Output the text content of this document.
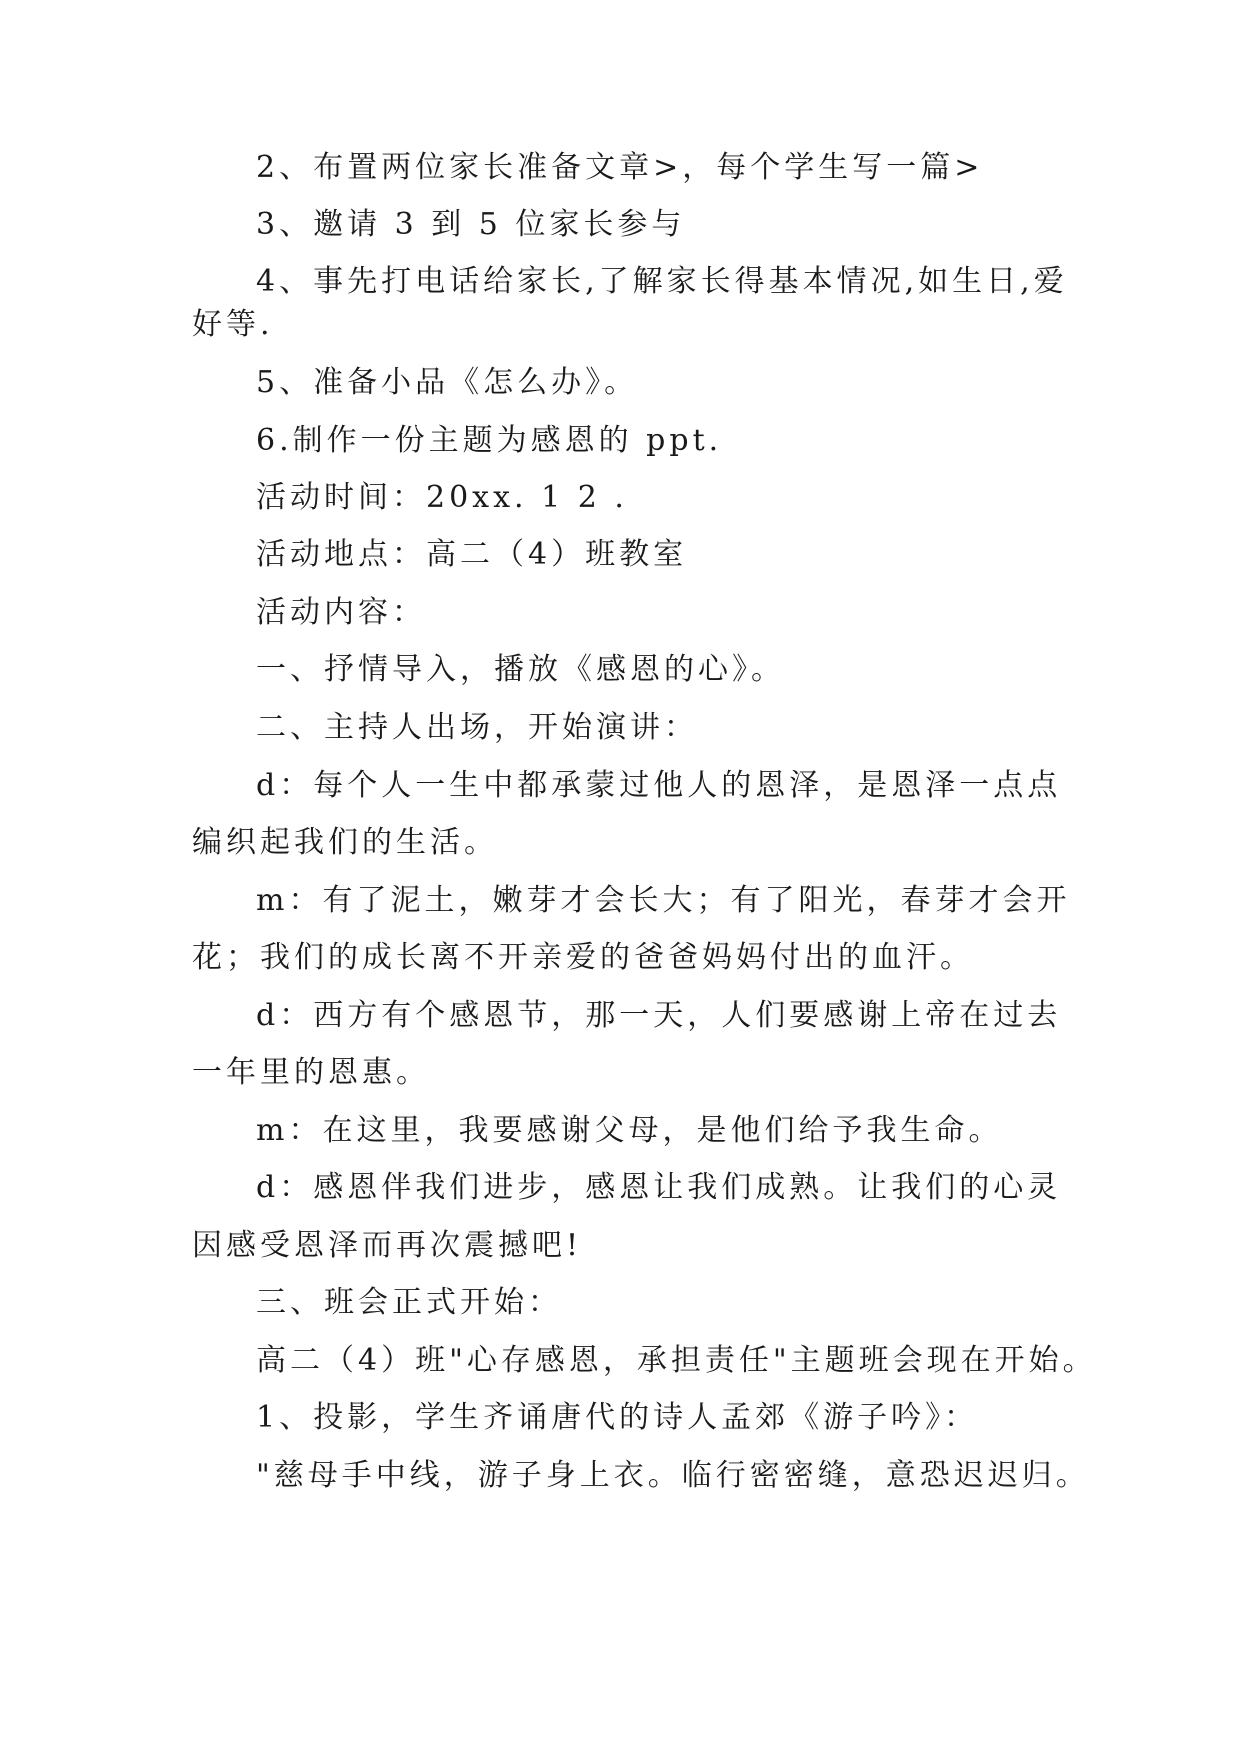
2、布置两位家长准备文章>，每个学生写一篇>

3、邀请 3 到 5 位家长参与

4、事先打电话给家长,了解家长得基本情况,如生日,爱

好等.

5、准备小品《怎么办》。

6.制作一份主题为感恩的 ppt.

活动时间：20xx. 1 2 .

活动地点：高二（4）班教室

活动内容：

一、抒情导入，播放《感恩的心》。

二、主持人出场，开始演讲：

d：每个人一生中都承蒙过他人的恩泽，是恩泽一点点

编织起我们的生活。

m：有了泥土，嫩芽才会长大；有了阳光，春芽才会开

花；我们的成长离不开亲爱的爸爸妈妈付出的血汗。

d：西方有个感恩节，那一天，人们要感谢上帝在过去

一年里的恩惠。

m：在这里，我要感谢父母，是他们给予我生命。

d：感恩伴我们进步，感恩让我们成熟。让我们的心灵

因感受恩泽而再次震撼吧!

三、班会正式开始：

高二（4）班"心存感恩，承担责任"主题班会现在开始。

1、投影，学生齐诵唐代的诗人孟郊《游子吟》：

"慈母手中线，游子身上衣。临行密密缝，意恐迟迟归。
